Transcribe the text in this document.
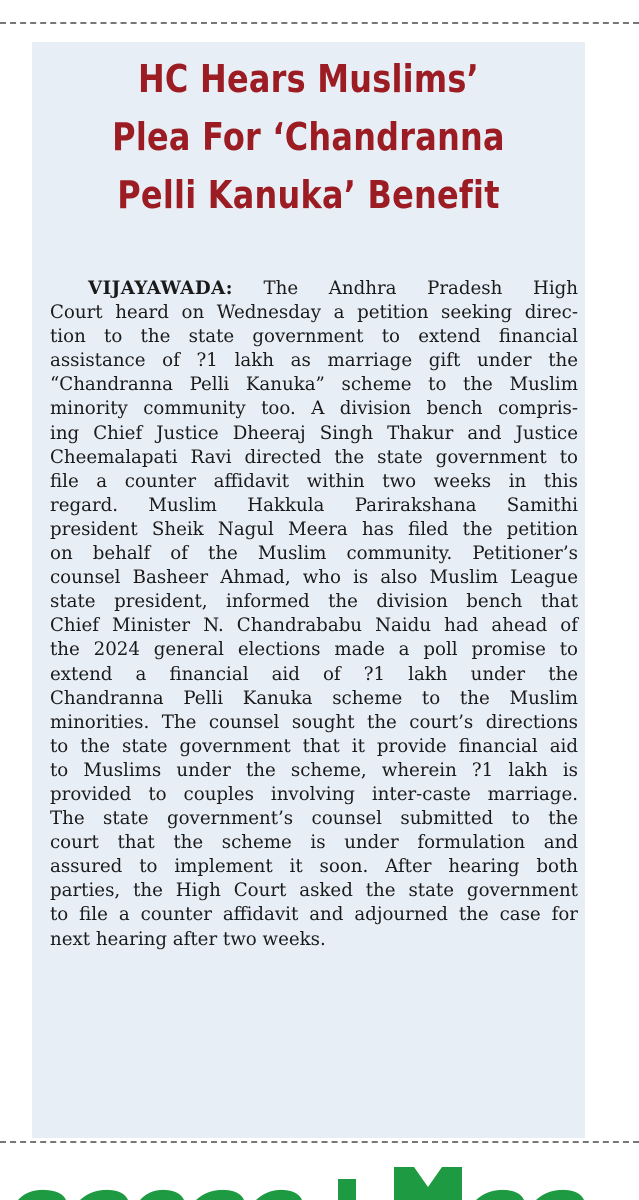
HC Hears Muslims’
Plea For ‘Chandranna
Pelli Kanuka’ Benefit
VIJAYAWADA: The Andhra Pradesh High
Court heard on Wednesday a petition seeking direc-
tion to the state government to extend financial
assistance of ?1 lakh as marriage gift under the
“Chandranna Pelli Kanuka” scheme to the Muslim
minority community too. A division bench compris-
ing Chief Justice Dheeraj Singh Thakur and Justice
Cheemalapati Ravi directed the state government to
file a counter affidavit within two weeks in this
regard. Muslim Hakkula Parirakshana Samithi
president Sheik Nagul Meera has filed the petition
on behalf of the Muslim community. Petitioner’s
counsel Basheer Ahmad, who is also Muslim League
state president, informed the division bench that
Chief Minister N. Chandrababu Naidu had ahead of
the 2024 general elections made a poll promise to
extend a financial aid of ?1 lakh under the
Chandranna Pelli Kanuka scheme to the Muslim
minorities. The counsel sought the court’s directions
to the state government that it provide financial aid
to Muslims under the scheme, wherein ?1 lakh is
provided to couples involving inter-caste marriage.
The state government’s counsel submitted to the
court that the scheme is under formulation and
assured to implement it soon. After hearing both
parties, the High Court asked the state government
to file a counter affidavit and adjourned the case for
next hearing after two weeks.
